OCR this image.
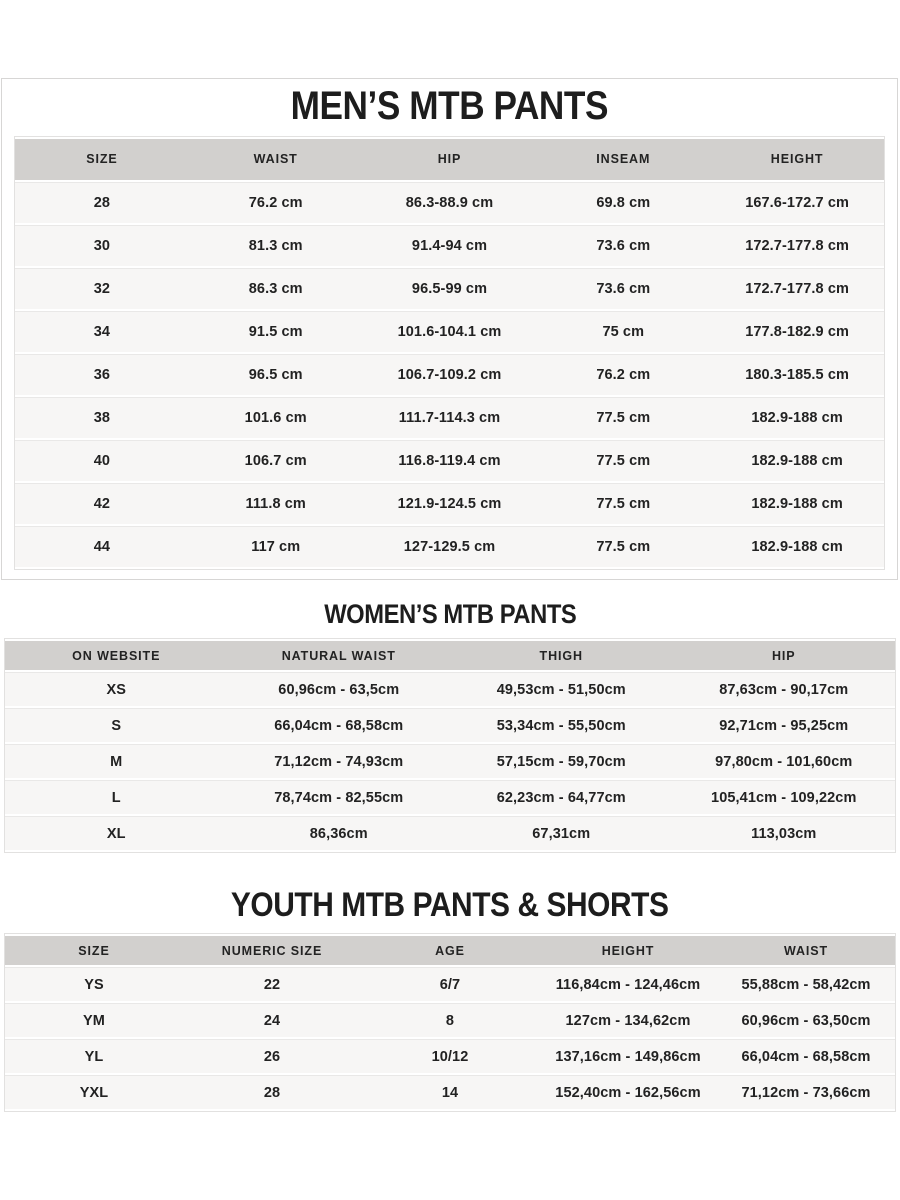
MEN’S MTB PANTS
SIZE	WAIST	HIP	INSEAM	HEIGHT
28	76.2 cm	86.3-88.9 cm	69.8 cm	167.6-172.7 cm
30	81.3 cm	91.4-94 cm	73.6 cm	172.7-177.8 cm
32	86.3 cm	96.5-99 cm	73.6 cm	172.7-177.8 cm
34	91.5 cm	101.6-104.1 cm	75 cm	177.8-182.9 cm
36	96.5 cm	106.7-109.2 cm	76.2 cm	180.3-185.5 cm
38	101.6 cm	111.7-114.3 cm	77.5 cm	182.9-188 cm
40	106.7 cm	116.8-119.4 cm	77.5 cm	182.9-188 cm
42	111.8 cm	121.9-124.5 cm	77.5 cm	182.9-188 cm
44	117 cm	127-129.5 cm	77.5 cm	182.9-188 cm
WOMEN’S MTB PANTS
ON WEBSITE	NATURAL WAIST	THIGH	HIP
XS	60,96cm - 63,5cm	49,53cm - 51,50cm	87,63cm - 90,17cm
S	66,04cm - 68,58cm	53,34cm - 55,50cm	92,71cm - 95,25cm
M	71,12cm - 74,93cm	57,15cm - 59,70cm	97,80cm - 101,60cm
L	78,74cm - 82,55cm	62,23cm - 64,77cm	105,41cm - 109,22cm
XL	86,36cm	67,31cm	113,03cm
YOUTH MTB PANTS & SHORTS
SIZE	NUMERIC SIZE	AGE	HEIGHT	WAIST
YS	22	6/7	116,84cm - 124,46cm	55,88cm - 58,42cm
YM	24	8	127cm - 134,62cm	60,96cm - 63,50cm
YL	26	10/12	137,16cm - 149,86cm	66,04cm - 68,58cm
YXL	28	14	152,40cm - 162,56cm	71,12cm - 73,66cm
